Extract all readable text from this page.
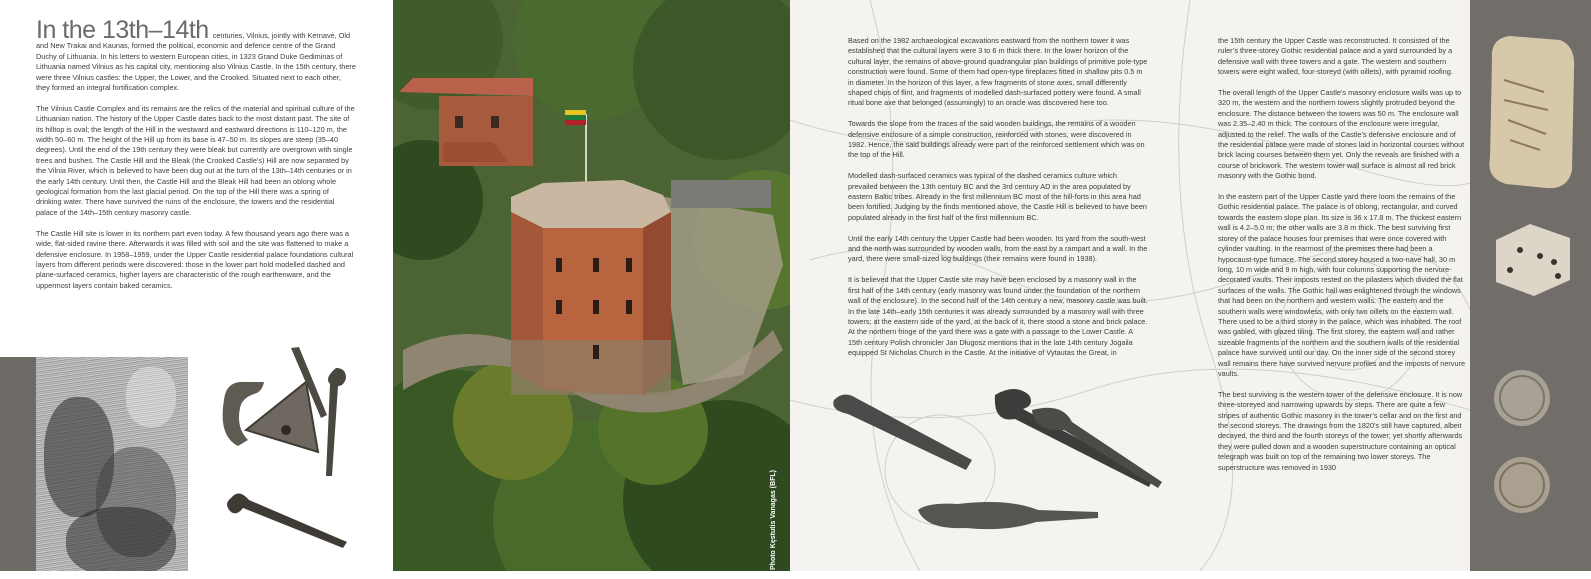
In the 13th–14th centuries, Vilnius, jointly with Kernavė, Old and New Trakai and Kaunas, formed the political, economic and defence centre of the Grand Duchy of Lithuania. In his letters to western European cities, in 1323 Grand Duke Gediminas of Lithuania named Vilnius as his capital city, mentioning also Vilnius Castle. In the 15th century, there were three Vilnius castles: the Upper, the Lower, and the Crooked. Situated next to each other, they formed an integral fortification complex.

The Vilnius Castle Complex and its remains are the relics of the material and spiritual culture of the Lithuanian nation. The history of the Upper Castle dates back to the most distant past. The site of its hilltop is oval; the length of the Hill in the westward and eastward directions is 110–120 m, the width 50–60 m. The height of the Hill up from its base is 47–50 m. Its slopes are steep (35–40 degrees). Until the end of the 19th century they were bleak but currently are overgrown with single trees and bushes. The Castle Hill and the Bleak (the Crooked Castle’s) Hill are now separated by the Vilnia River, which is believed to have been dug out at the turn of the 13th–14th centuries or in the early 14th century. Until then, the Castle Hill and the Bleak Hill had been an oblong whole geological formation from the last glacial period. On the top of the Hill there was a spring of drinking water. There have survived the ruins of the enclosure, the towers and the residential palace of the 14th–15th century masonry castle.

The Castle Hill site is lower in its northern part even today. A few thousand years ago there was a wide, flat-sided ravine there. Afterwards it was filled with soil and the site was flattened to make a defensive enclosure. In 1958–1959, under the Upper Castle residential palace foundations cultural layers from different periods were discovered: those in the lower part hold modelled dashed and plane-surfaced ceramics, higher layers are characteristic of the rough earthenware, and the uppermost layers contain baked ceramics.

Photo Kęstutis Vanagas (BFL)

Based on the 1982 archaeological excavations eastward from the northern tower it was established that the cultural layers were 3 to 6 m thick there. In the lower horizon of the cultural layer, the remains of above-ground quadrangular plan buildings of primitive pole-type construction were found. Some of them had open-type fireplaces fitted in shallow pits 0.5 m in diameter. In the horizon of this layer, a few fragments of stone axes, small differently shaped chips of flint, and fragments of modelled dash-surfaced pottery were found. A small ritual bone axe that belonged (assumingly) to an oracle was discovered here too.

Towards the slope from the traces of the said wooden buildings, the remains of a wooden defensive enclosure of a simple construction, reinforced with stones, were discovered in 1982. Hence, the said buildings already were part of the reinforced settlement which was on the top of the Hill.

Modelled dash-surfaced ceramics was typical of the dashed ceramics culture which prevailed between the 13th century BC and the 3rd century AD in the area populated by eastern Baltic tribes. Already in the first millennium BC most of the hill-forts in this area had been fortified. Judging by the finds mentioned above, the Castle Hill is believed to have been populated already in the first half of the first millennium BC.

Until the early 14th century the Upper Castle had been wooden. Its yard from the south-west and the north was surrounded by wooden walls, from the east by a rampart and a wall. In the yard, there were small-sized log buildings (their remains were found in 1938).

It is believed that the Upper Castle site may have been enclosed by a masonry wall in the first half of the 14th century (early masonry was found under the foundation of the northern wall of the enclosure). In the second half of the 14th century a new, masonry castle was built. In the late 14th–early 15th centuries it was already surrounded by a masonry wall with three towers; at the eastern side of the yard, at the back of it, there stood a stone and brick palace. At the northern fringe of the yard there was a gate with a passage to the Lower Castle. A 15th century Polish chronicler Jan Długosz mentions that in the late 14th century Jogaila equipped St Nicholas Church in the Castle. At the initiative of Vytautas the Great, in

the 15th century the Upper Castle was reconstructed. It consisted of the ruler’s three-storey Gothic residential palace and a yard surrounded by a defensive wall with three towers and a gate. The western and southern towers were eight walled, four-storeyd (with oillets), with pyramid roofing.

The overall length of the Upper Castle’s masonry enclosure walls was up to 320 m, the western and the northern towers slightly protruded beyond the enclosure. The distance between the towers was 50 m. The enclosure wall was 2.35–2.40 m thick. The contours of the enclosure were irregular, adjusted to the relief. The walls of the Castle’s defensive enclosure and of the residential palace were made of stones laid in horizontal courses without brick lacing courses between them yet. Only the reveals are finished with a course of brickwork. The western tower wall surface is almost all red brick masonry with the Gothic bond.

In the eastern part of the Upper Castle yard there loom the remains of the Gothic residential palace. The palace is of oblong, rectangular, and curved towards the eastern slope plan. Its size is 36 x 17.8 m. The thickest eastern wall is 4.2–5.0 m; the other walls are 3.8 m thick. The best surviving first storey of the palace houses four premises that were once covered with cylinder vaulting. In the rearmost of the premises there had been a hypocaust-type furnace. The second storey housed a two-nave hall, 30 m long, 10 m wide and 9 m high, with four columns supporting the nervure-decorated vaults. Their imposts rested on the pilasters which divided the flat surfaces of the walls. The Gothic hall was enlightened through the windows that had been on the northern and western walls. The eastern and the southern walls were windowless, with only two oillets on the eastern wall. There used to be a third storey in the palace, which was inhabited. The roof was gabled, with glazed tiling. The first storey, the eastern wall and rather sizeable fragments of the northern and the southern walls of the residential palace have survived until our day. On the inner side of the second storey wall remains there have survived nervure profiles and the imposts of nervure vaults.

The best surviving is the western tower of the defensive enclosure. It is now three-storeyed and narrowing upwards by steps. There are quite a few stripes of authentic Gothic masonry in the tower’s cellar and on the first and the second storeys. The drawings from the 1820’s still have captured, albeit decayed, the third and the fourth storeys of the tower; yet shortly afterwards they were pulled down and a wooden superstructure containing an optical telegraph was built on top of the remaining two lower storeys. The superstructure was removed in 1930
